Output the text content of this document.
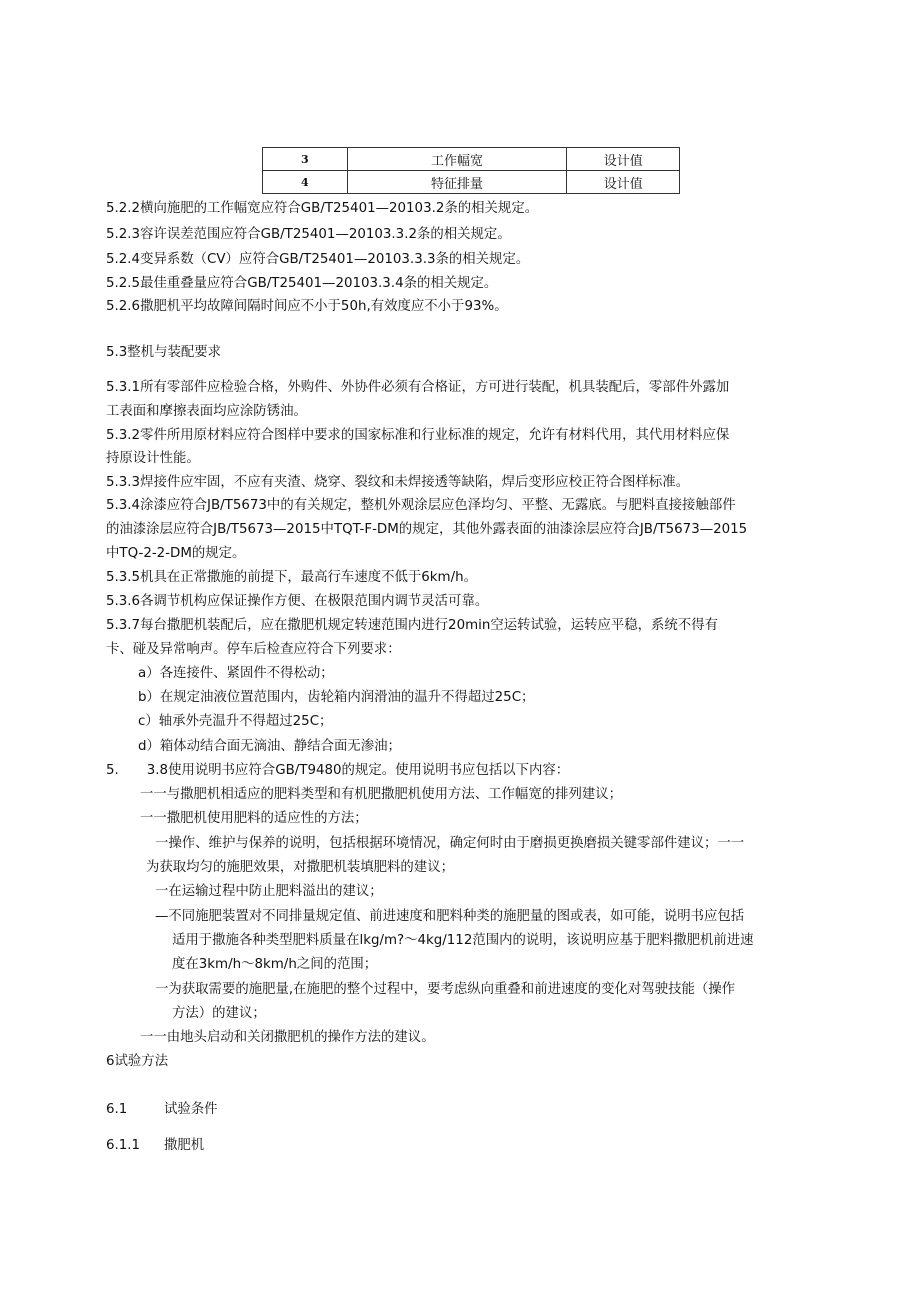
3	工作幅宽	设计值
4	特征排量	设计值
5.2.2横向施肥的工作幅宽应符合GB/T25401—20103.2条的相关规定。
5.2.3容许误差范围应符合GB/T25401—20103.3.2条的相关规定。
5.2.4变异系数（CV）应符合GB/T25401—20103.3.3条的相关规定。
5.2.5最佳重叠量应符合GB/T25401—20103.3.4条的相关规定。
5.2.6撒肥机平均故障间隔时间应不小于50h,有效度应不小于93%。
5.3整机与装配要求
5.3.1所有零部件应检验合格，外购件、外协件必须有合格证，方可进行装配，机具装配后，零部件外露加
工表面和摩擦表面均应涂防锈油。
5.3.2零件所用原材料应符合图样中要求的国家标准和行业标准的规定，允许有材料代用，其代用材料应保
持原设计性能。
5.3.3焊接件应牢固，不应有夹渣、烧穿、裂纹和未焊接透等缺陷，焊后变形应校正符合图样标准。
5.3.4涂漆应符合JB/T5673中的有关规定，整机外观涂层应色泽均匀、平整、无露底。与肥料直接接触部件
的油漆涂层应符合JB/T5673—2015中TQT-F-DM的规定，其他外露表面的油漆涂层应符合JB/T5673—2015
中TQ-2-2-DM的规定。
5.3.5机具在正常撒施的前提下，最高行车速度不低于6km/h。
5.3.6各调节机构应保证操作方便、在极限范围内调节灵活可靠。
5.3.7每台撒肥机装配后，应在撒肥机规定转速范围内进行20min空运转试验，运转应平稳，系统不得有
卡、碰及异常响声。停车后检查应符合下列要求：
a）各连接件、紧固件不得松动；
b）在规定油液位置范围内，齿轮箱内润滑油的温升不得超过25C；
c）轴承外壳温升不得超过25C；
d）箱体动结合面无滴油、静结合面无渗油；
5. 3.8使用说明书应符合GB/T9480的规定。使用说明书应包括以下内容：
一一与撒肥机相适应的肥料类型和有机肥撒肥机使用方法、工作幅宽的排列建议；
一一撒肥机使用肥料的适应性的方法；
一操作、维护与保养的说明，包括根据环境情况，确定何时由于磨损更换磨损关键零部件建议；一一
为获取均匀的施肥效果，对撒肥机装填肥料的建议；
一在运输过程中防止肥料溢出的建议；
—不同施肥装置对不同排量规定值、前进速度和肥料种类的施肥量的图或表，如可能，说明书应包括
适用于撒施各种类型肥料质量在lkg/m?～4kg∕112范围内的说明，该说明应基于肥料撒肥机前进速
度在3km/h～8km/h之间的范围；
一为获取需要的施肥量,在施肥的整个过程中，要考虑纵向重叠和前进速度的变化对驾驶技能（操作
方法）的建议；
一一由地头启动和关闭撒肥机的操作方法的建议。
6试验方法
6.1	试验条件
6.1.1 撒肥机
